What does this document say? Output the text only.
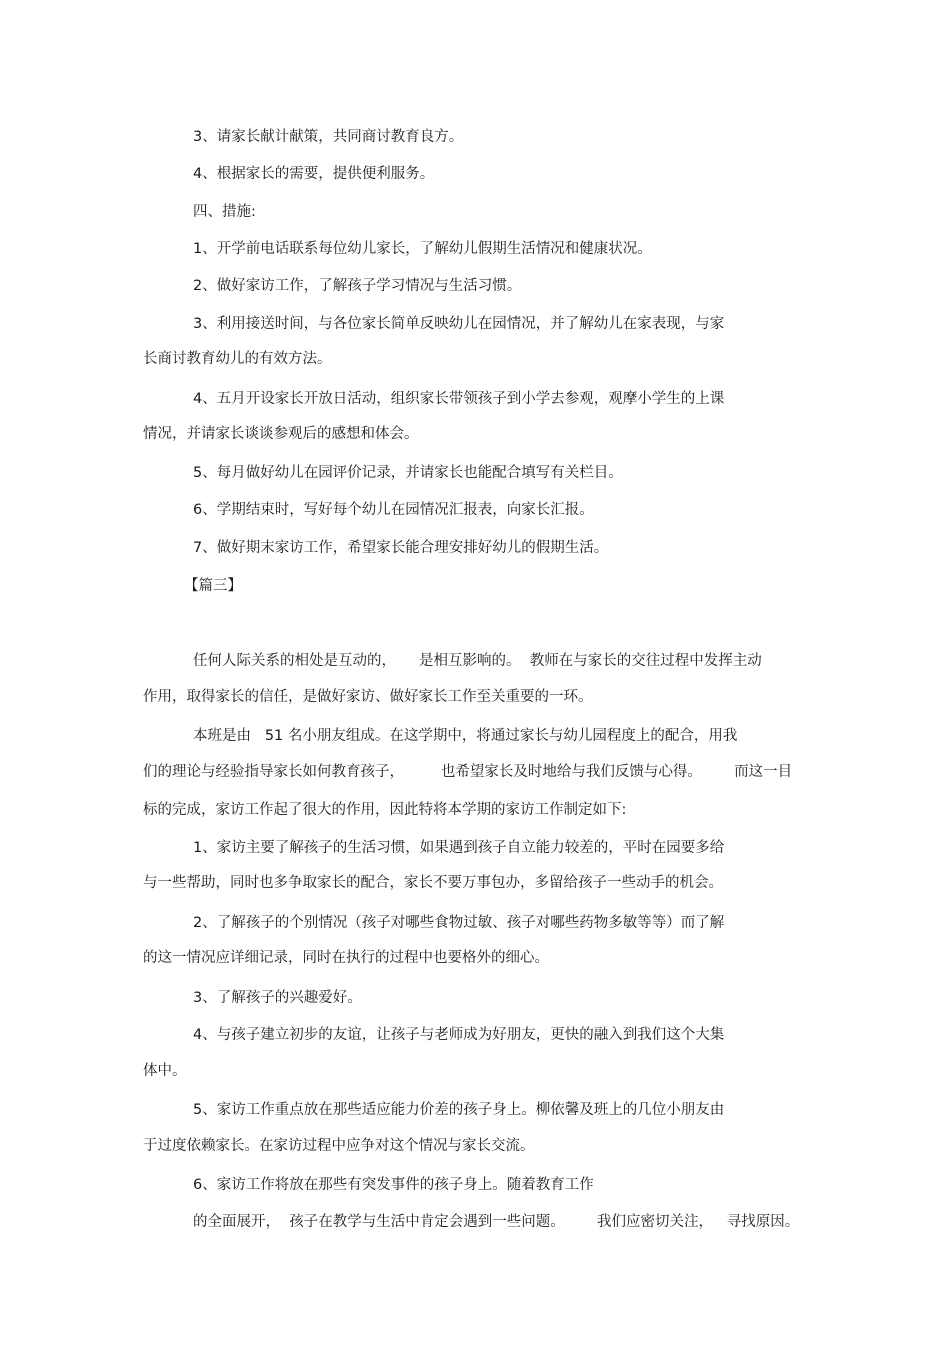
3、请家长献计献策，共同商讨教育良方。

4、根据家长的需要，提供便利服务。

四、措施:

1、开学前电话联系每位幼儿家长，了解幼儿假期生活情况和健康状况。

2、做好家访工作，了解孩子学习情况与生活习惯。

3、利用接送时间，与各位家长简单反映幼儿在园情况，并了解幼儿在家表现，与家

长商讨教育幼儿的有效方法。

4、五月开设家长开放日活动，组织家长带领孩子到小学去参观，观摩小学生的上课

情况，并请家长谈谈参观后的感想和体会。

5、每月做好幼儿在园评价记录，并请家长也能配合填写有关栏目。

6、学期结束时，写好每个幼儿在园情况汇报表，向家长汇报。

7、做好期末家访工作，希望家长能合理安排好幼儿的假期生活。

【篇三】

任何人际关系的相处是互动的，     是相互影响的。  教师在与家长的交往过程中发挥主动

作用，取得家长的信任，是做好家访、做好家长工作至关重要的一环。

本班是由   51 名小朋友组成。在这学期中，将通过家长与幼儿园程度上的配合，用我

们的理论与经验指导家长如何教育孩子，        也希望家长及时地给与我们反馈与心得。       而这一目

标的完成，家访工作起了很大的作用，因此特将本学期的家访工作制定如下:

1、家访主要了解孩子的生活习惯，如果遇到孩子自立能力较差的，平时在园要多给

与一些帮助，同时也多争取家长的配合，家长不要万事包办，多留给孩子一些动手的机会。

2、了解孩子的个别情况（孩子对哪些食物过敏、孩子对哪些药物多敏等等）而了解

的这一情况应详细记录，同时在执行的过程中也要格外的细心。

3、了解孩子的兴趣爱好。

4、与孩子建立初步的友谊，让孩子与老师成为好朋友，更快的融入到我们这个大集

体中。

5、家访工作重点放在那些适应能力价差的孩子身上。柳依馨及班上的几位小朋友由

于过度依赖家长。在家访过程中应争对这个情况与家长交流。

6、家访工作将放在那些有突发事件的孩子身上。随着教育工作

的全面展开，  孩子在教学与生活中肯定会遇到一些问题。       我们应密切关注，   寻找原因。
